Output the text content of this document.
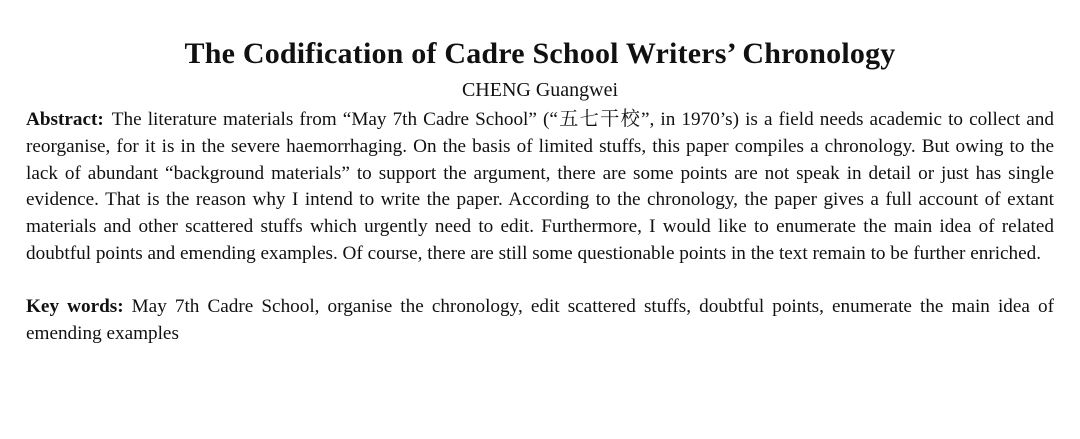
The Codification of Cadre School Writers’ Chronology
CHENG Guangwei

Abstract: The literature materials from “May 7th Cadre School” (“五七干校”, in 1970’s) is a field needs academic to collect and reorganise, for it is in the severe haemorrhaging. On the basis of limited stuffs, this paper compiles a chronology. But owing to the lack of abundant “background materials” to support the argument, there are some points are not speak in detail or just has single evidence. That is the reason why I intend to write the paper. According to the chronology, the paper gives a full account of extant materials and other scattered stuffs which urgently need to edit. Furthermore, I would like to enumerate the main idea of related doubtful points and emending examples. Of course, there are still some questionable points in the text remain to be further enriched.

Key words: May 7th Cadre School, organise the chronology, edit scattered stuffs, doubtful points, enumerate the main idea of emending examples
